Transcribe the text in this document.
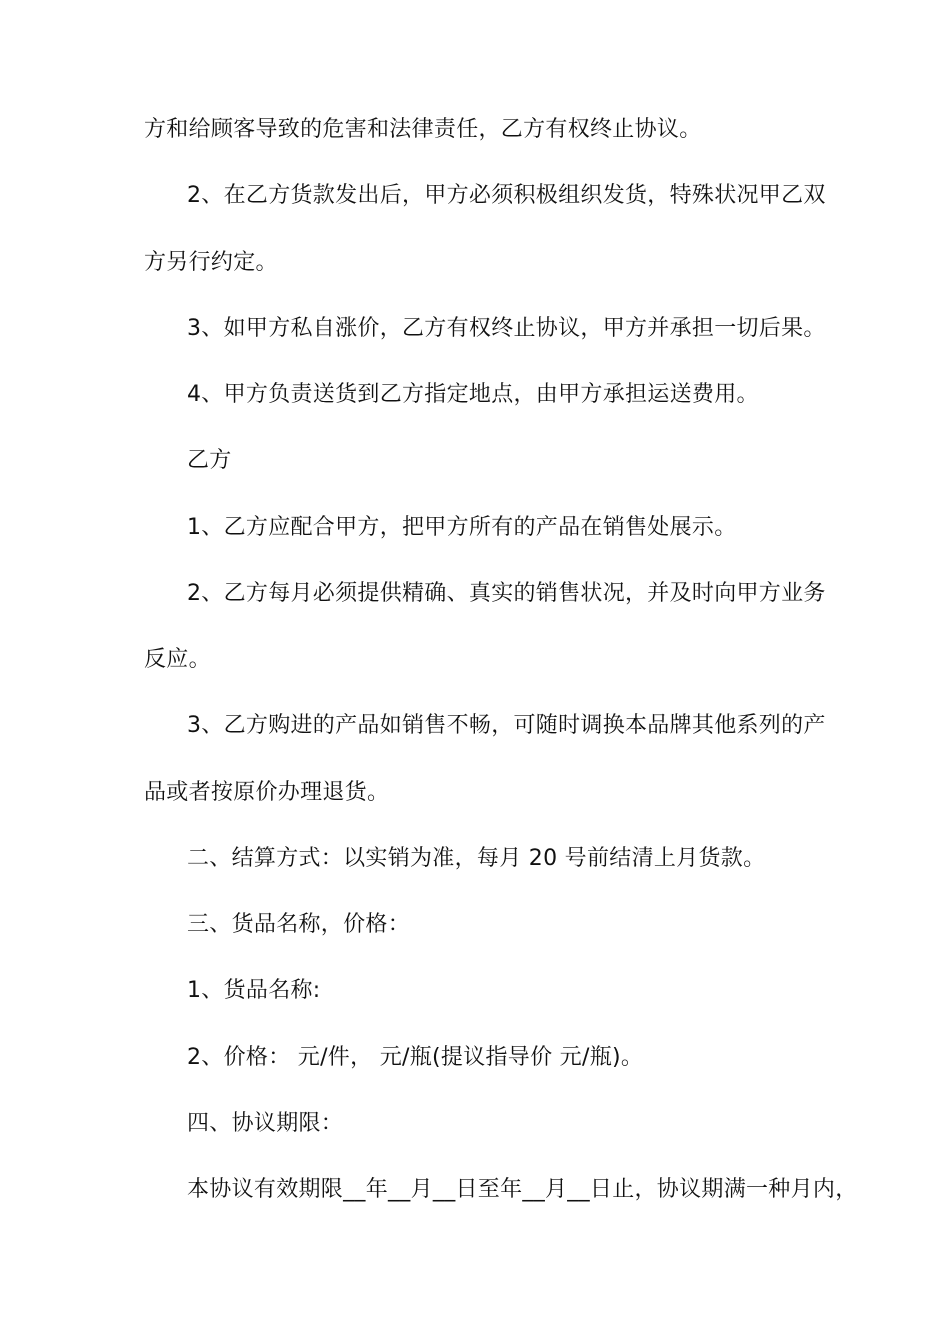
方和给顾客导致的危害和法律责任，乙方有权终止协议。
2、在乙方货款发出后，甲方必须积极组织发货，特殊状况甲乙双
方另行约定。
3、如甲方私自涨价，乙方有权终止协议，甲方并承担一切后果。
4、甲方负责送货到乙方指定地点，由甲方承担运送费用。
乙方
1、乙方应配合甲方，把甲方所有的产品在销售处展示。
2、乙方每月必须提供精确、真实的销售状况，并及时向甲方业务
反应。
3、乙方购进的产品如销售不畅，可随时调换本品牌其他系列的产
品或者按原价办理退货。
二、结算方式：以实销为准，每月 20 号前结清上月货款。
三、货品名称，价格：
1、货品名称:
2、价格： 元/件， 元/瓶(提议指导价 元/瓶)。
四、协议期限：
本协议有效期限__年__月__日至年__月__日止，协议期满一种月内，
